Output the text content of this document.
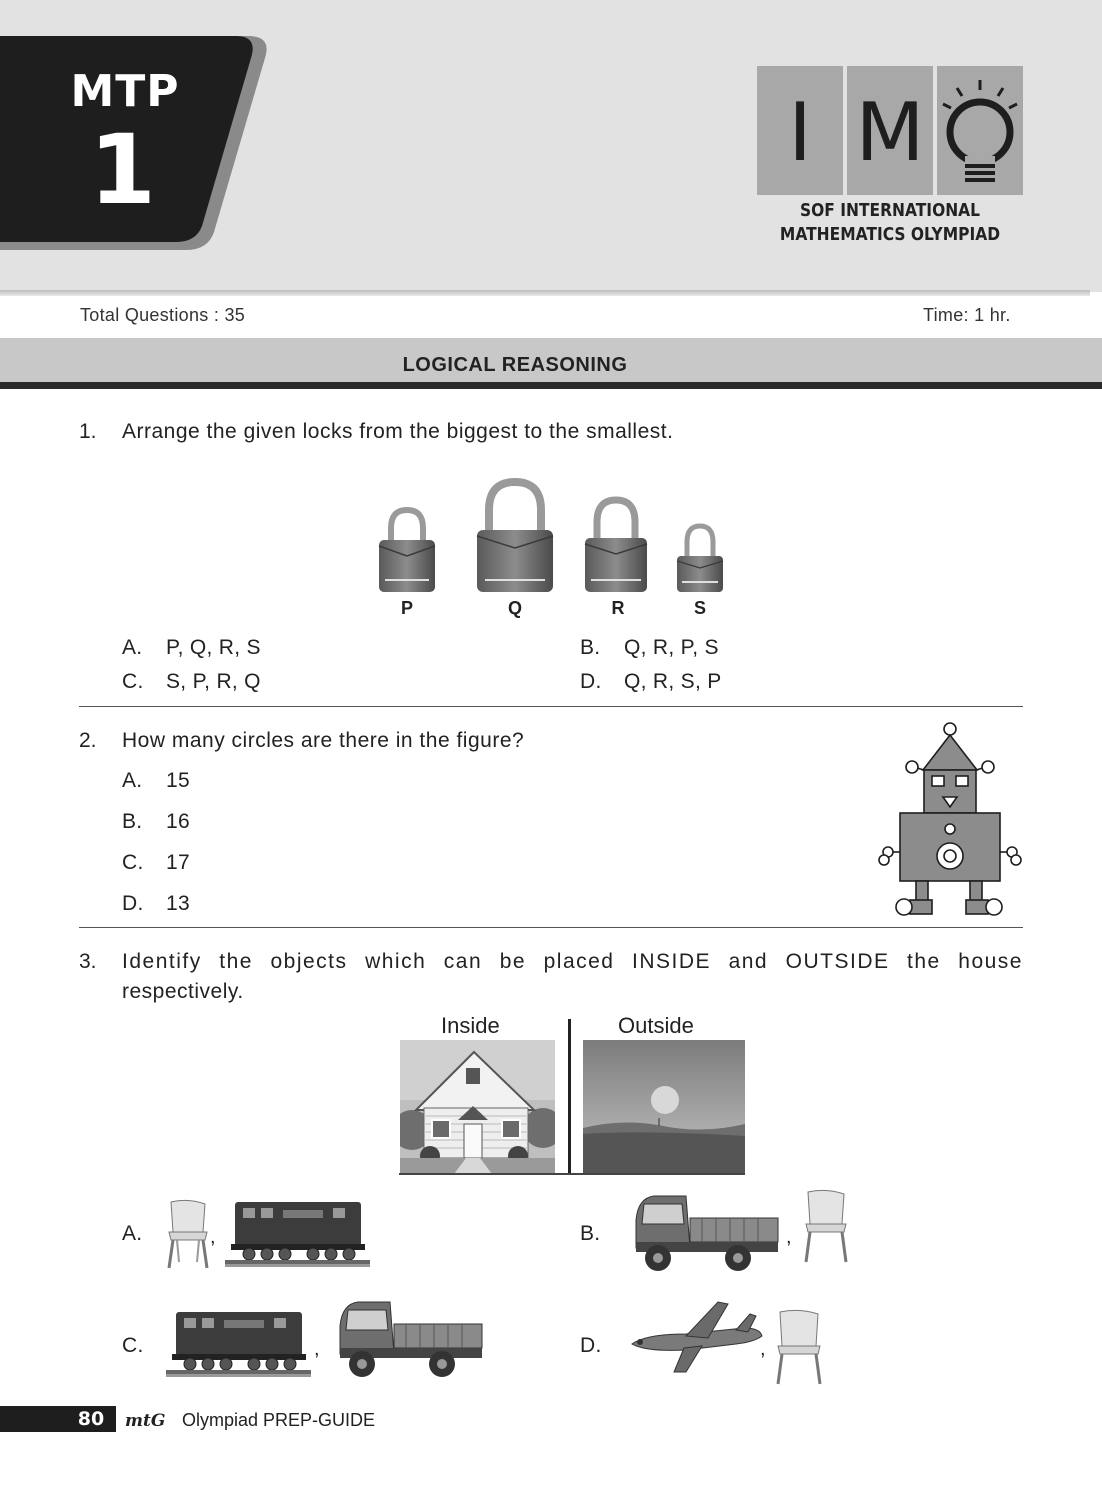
MTP
1	I M
SOF INTERNATIONAL
MATHEMATICS OLYMPIAD
Total Questions : 35	Time: 1 hr.
LOGICAL REASONING
1. Arrange the given locks from the biggest to the smallest.
P	Q	R	S
A. P, Q, R, S	B. Q, R, P, S
C. S, P, R, Q	D. Q, R, S, P
2. How many circles are there in the figure?
A. 15
B. 16
C. 17
D. 13
3. Identify the objects which can be placed INSIDE and OUTSIDE the house
respectively.
Inside	Outside
A.	,	B.	,
C.	,	D.	,
80	mtG Olympiad PREP-GUIDE
